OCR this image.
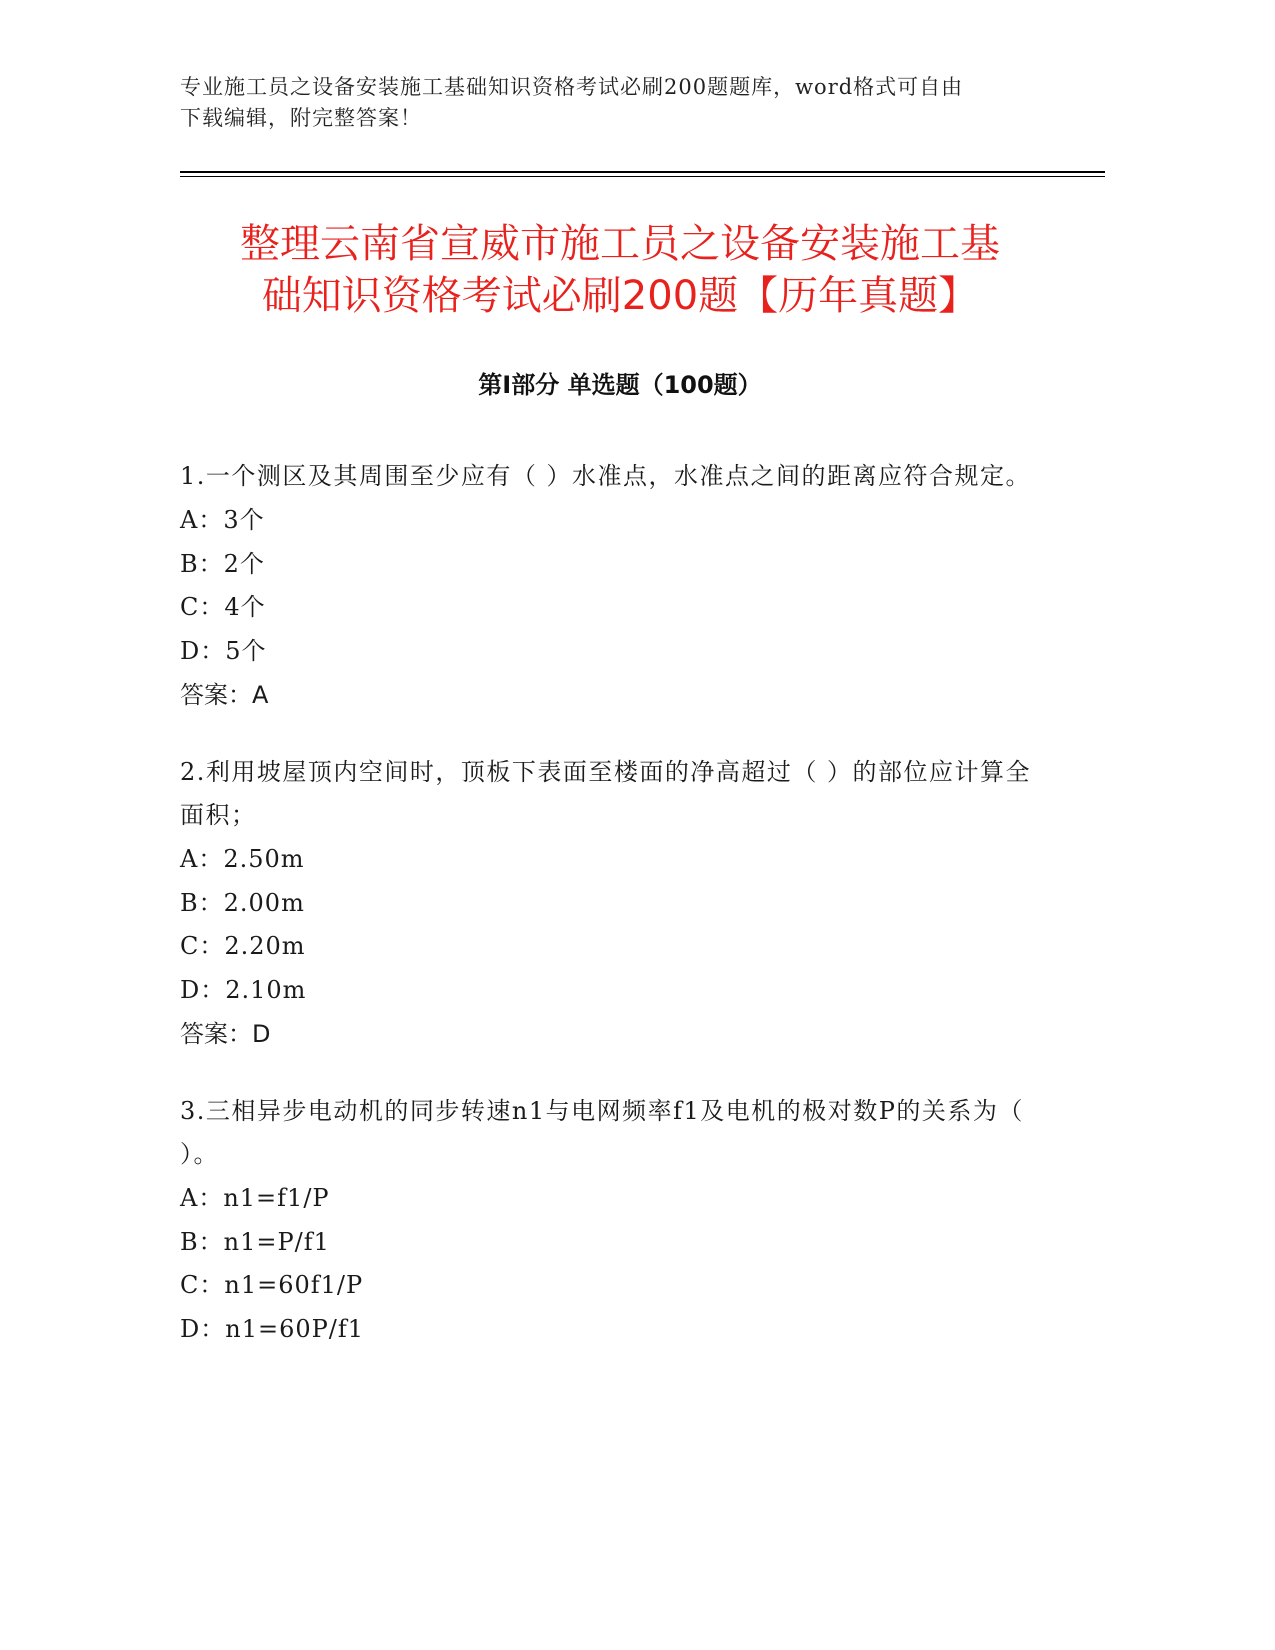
专业施工员之设备安装施工基础知识资格考试必刷200题题库，word格式可自由
下载编辑，附完整答案！
整理云南省宣威市施工员之设备安装施工基
础知识资格考试必刷200题【历年真题】
第Ⅰ部分 单选题（100题）

1.一个测区及其周围至少应有（ ）水准点，水准点之间的距离应符合规定。

A：3个

B：2个

C：4个

D：5个

答案：A

2.利用坡屋顶内空间时，顶板下表面至楼面的净高超过（ ）的部位应计算全面积；

A：2.50m

B：2.00m

C：2.20m

D：2.10m

答案：D

3.三相异步电动机的同步转速n1与电网频率f1及电机的极对数P的关系为（ ）。

A：n1=f1/P

B：n1=P/f1

C：n1=60f1/P

D：n1=60P/f1
